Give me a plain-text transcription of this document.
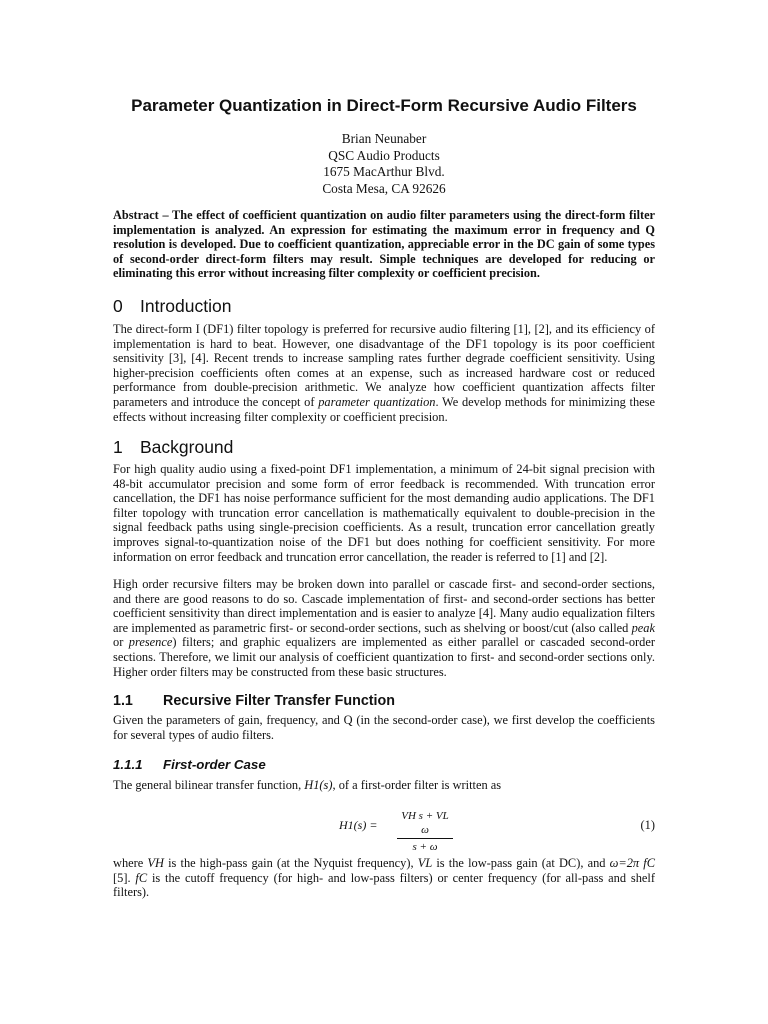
Parameter Quantization in Direct-Form Recursive Audio Filters
Brian Neunaber
QSC Audio Products
1675 MacArthur Blvd.
Costa Mesa, CA 92626

Abstract – The effect of coefficient quantization on audio filter parameters using the direct-form filter implementation is analyzed. An expression for estimating the maximum error in frequency and Q resolution is developed. Due to coefficient quantization, appreciable error in the DC gain of some types of second-order direct-form filters may result. Simple techniques are developed for reducing or eliminating this error without increasing filter complexity or coefficient precision.

0 Introduction

The direct-form I (DF1) filter topology is preferred for recursive audio filtering [1], [2], and its efficiency of implementation is hard to beat. However, one disadvantage of the DF1 topology is its poor coefficient sensitivity [3], [4]. Recent trends to increase sampling rates further degrade coefficient sensitivity. Using higher-precision coefficients often comes at an expense, such as increased hardware cost or reduced performance from double-precision arithmetic. We analyze how coefficient quantization affects filter parameters and introduce the concept of parameter quantization. We develop methods for minimizing these effects without increasing filter complexity or coefficient precision.

1 Background

For high quality audio using a fixed-point DF1 implementation, a minimum of 24-bit signal precision with 48-bit accumulator precision and some form of error feedback is recommended. With truncation error cancellation, the DF1 has noise performance sufficient for the most demanding audio applications. The DF1 filter topology with truncation error cancellation is mathematically equivalent to double-precision in the signal feedback paths using single-precision coefficients. As a result, truncation error cancellation greatly improves signal-to-quantization noise of the DF1 but does nothing for coefficient sensitivity. For more information on error feedback and truncation error cancellation, the reader is referred to [1] and [2].

High order recursive filters may be broken down into parallel or cascade first- and second-order sections, and there are good reasons to do so. Cascade implementation of first- and second-order sections has better coefficient sensitivity than direct implementation and is easier to analyze [4]. Many audio equalization filters are implemented as parametric first- or second-order sections, such as shelving or boost/cut (also called peak or presence) filters; and graphic equalizers are implemented as either parallel or cascaded second-order sections. Therefore, we limit our analysis of coefficient quantization to first- and second-order sections only. Higher order filters may be constructed from these basic structures.

1.1 Recursive Filter Transfer Function

Given the parameters of gain, frequency, and Q (in the second-order case), we first develop the coefficients for several types of audio filters.

1.1.1 First-order Case

The general bilinear transfer function, H1(s), of a first-order filter is written as

H1(s) =
VH s + VL ω
s + ω
(1)

where VH is the high-pass gain (at the Nyquist frequency), VL is the low-pass gain (at DC), and ω=2π fC [5]. fC is the cutoff frequency (for high- and low-pass filters) or center frequency (for all-pass and shelf filters).
